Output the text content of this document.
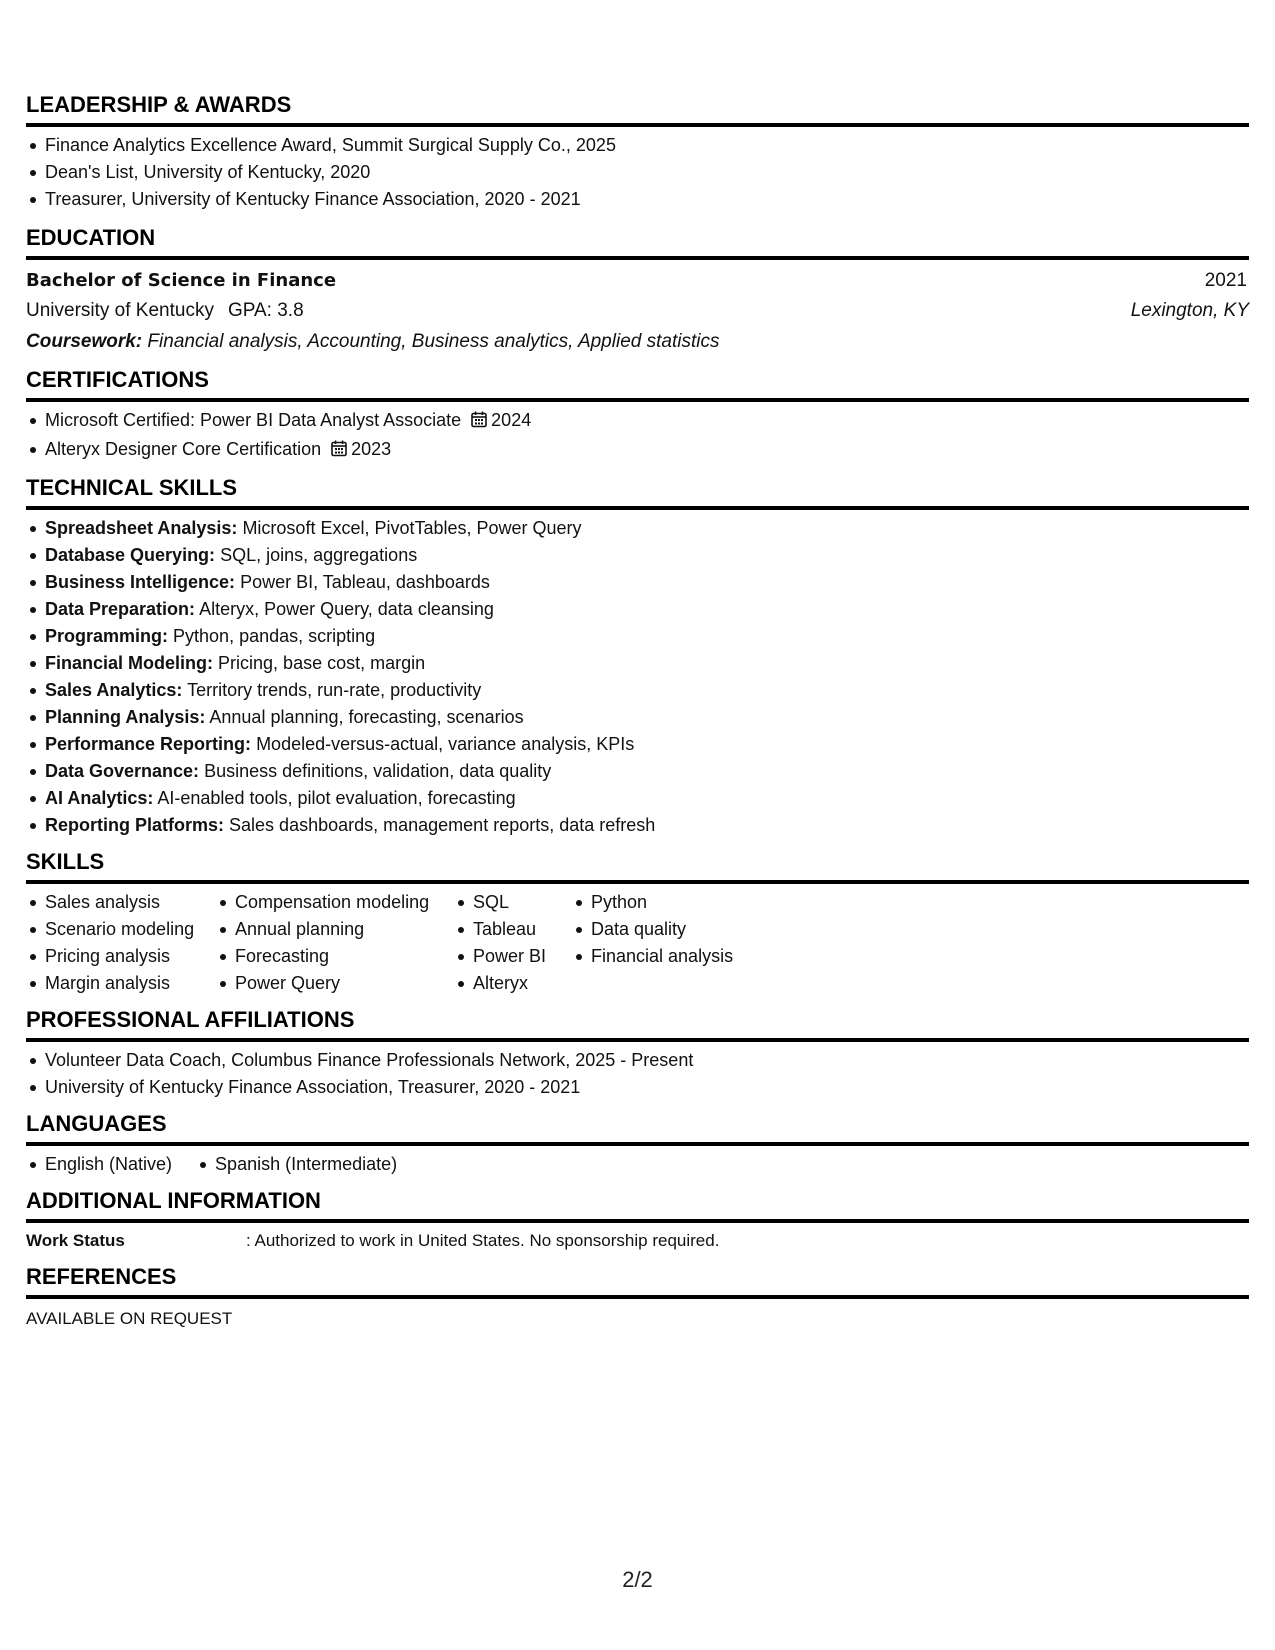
LEADERSHIP & AWARDS
Finance Analytics Excellence Award, Summit Surgical Supply Co., 2025
Dean's List, University of Kentucky, 2020
Treasurer, University of Kentucky Finance Association, 2020 - 2021
EDUCATION
Bachelor of Science in Finance	2021
University of Kentucky GPA: 3.8	Lexington, KY
Coursework: Financial analysis, Accounting, Business analytics, Applied statistics
CERTIFICATIONS
Microsoft Certified: Power BI Data Analyst Associate 2024
Alteryx Designer Core Certification 2023
TECHNICAL SKILLS
Spreadsheet Analysis: Microsoft Excel, PivotTables, Power Query
Database Querying: SQL, joins, aggregations
Business Intelligence: Power BI, Tableau, dashboards
Data Preparation: Alteryx, Power Query, data cleansing
Programming: Python, pandas, scripting
Financial Modeling: Pricing, base cost, margin
Sales Analytics: Territory trends, run-rate, productivity
Planning Analysis: Annual planning, forecasting, scenarios
Performance Reporting: Modeled-versus-actual, variance analysis, KPIs
Data Governance: Business definitions, validation, data quality
AI Analytics: AI-enabled tools, pilot evaluation, forecasting
Reporting Platforms: Sales dashboards, management reports, data refresh
SKILLS
Sales analysis
Scenario modeling
Pricing analysis
Margin analysis
Compensation modeling
Annual planning
Forecasting
Power Query
SQL
Tableau
Power BI
Alteryx
Python
Data quality
Financial analysis
PROFESSIONAL AFFILIATIONS
Volunteer Data Coach, Columbus Finance Professionals Network, 2025 - Present
University of Kentucky Finance Association, Treasurer, 2020 - 2021
LANGUAGES
English (Native)	Spanish (Intermediate)
ADDITIONAL INFORMATION
Work Status	: Authorized to work in United States. No sponsorship required.
REFERENCES
AVAILABLE ON REQUEST
2/2
